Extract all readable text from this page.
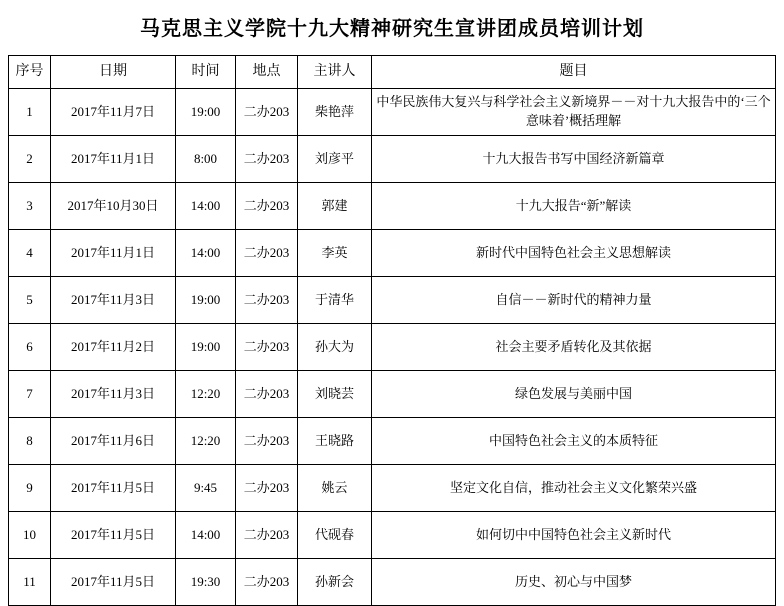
马克思主义学院十九大精神研究生宣讲团成员培训计划
序号	日期	时间	地点	主讲人	题目
1	2017年11月7日	19:00	二办203	柴艳萍	中华民族伟大复兴与科学社会主义新境界－－对十九大报告中的‘三个意味着’概括理解
2	2017年11月1日	8:00	二办203	刘彦平	十九大报告书写中国经济新篇章
3	2017年10月30日	14:00	二办203	郭建	十九大报告“新”解读
4	2017年11月1日	14:00	二办203	李英	新时代中国特色社会主义思想解读
5	2017年11月3日	19:00	二办203	于清华	自信－－新时代的精神力量
6	2017年11月2日	19:00	二办203	孙大为	社会主要矛盾转化及其依据
7	2017年11月3日	12:20	二办203	刘晓芸	绿色发展与美丽中国
8	2017年11月6日	12:20	二办203	王晓路	中国特色社会主义的本质特征
9	2017年11月5日	9:45	二办203	姚云	坚定文化自信，推动社会主义文化繁荣兴盛
10	2017年11月5日	14:00	二办203	代砚春	如何切中中国特色社会主义新时代
11	2017年11月5日	19:30	二办203	孙新会	历史、初心与中国梦
